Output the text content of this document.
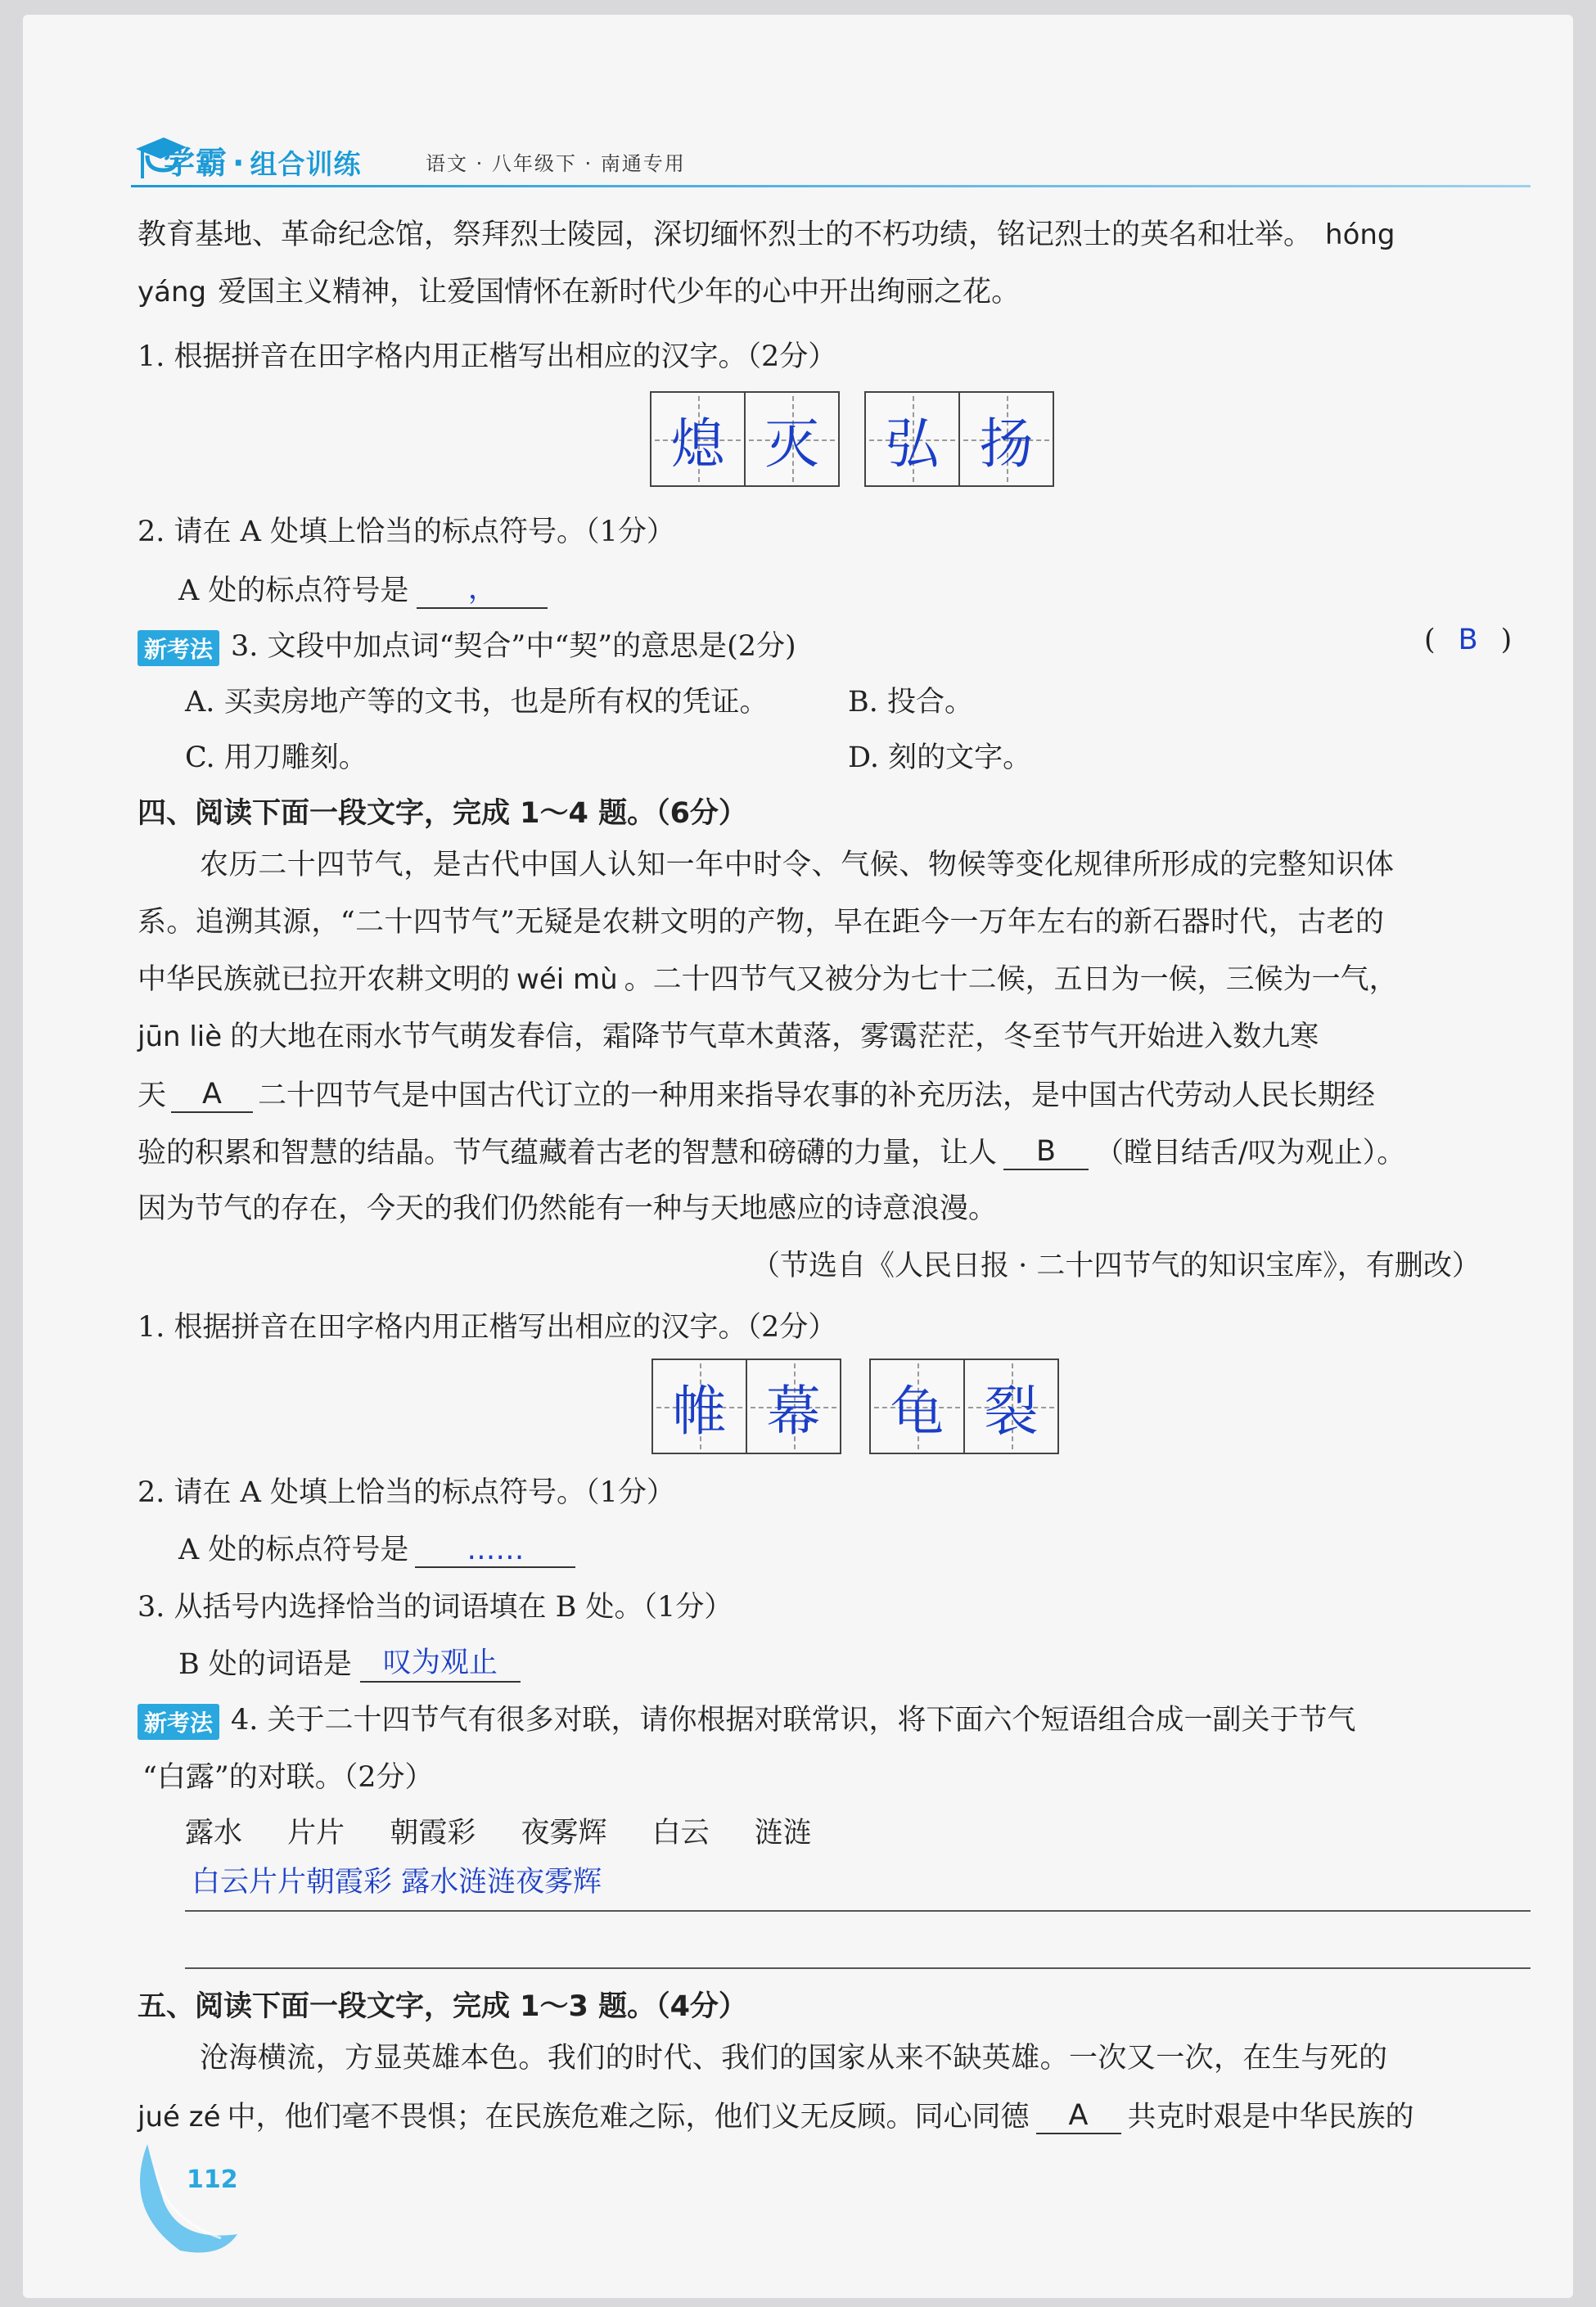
学霸 · 组合训练	语文 · 八年级下 · 南通专用
教育基地、革命纪念馆，祭拜烈士陵园，深切缅怀烈士的不朽功绩，铭记烈士的英名和壮举。 hóng
yáng 爱国主义精神，让爱国情怀在新时代少年的心中开出绚丽之花。
1. 根据拼音在田字格内用正楷写出相应的汉字。（2分）
熄 灭	弘 扬
2. 请在 A 处填上恰当的标点符号。（1分）
A 处的标点符号是 ，
新考法 3. 文段中加点词“契合”中“契”的意思是(2分)	( B )
A. 买卖房地产等的文书，也是所有权的凭证。	B. 投合。
C. 用刀雕刻。	D. 刻的文字。
四、阅读下面一段文字，完成 1～4 题。（6分）
农历二十四节气，是古代中国人认知一年中时令、气候、物候等变化规律所形成的完整知识体
系。追溯其源，“二十四节气”无疑是农耕文明的产物，早在距今一万年左右的新石器时代，古老的
中华民族就已拉开农耕文明的 wéi mù 。二十四节气又被分为七十二候，五日为一候，三候为一气，
jūn liè 的大地在雨水节气萌发春信，霜降节气草木黄落，雾霭茫茫，冬至节气开始进入数九寒
天 A 二十四节气是中国古代订立的一种用来指导农事的补充历法，是中国古代劳动人民长期经
验的积累和智慧的结晶。节气蕴藏着古老的智慧和磅礴的力量，让人 B （瞠目结舌/叹为观止）。
因为节气的存在，今天的我们仍然能有一种与天地感应的诗意浪漫。
（节选自《人民日报 · 二十四节气的知识宝库》，有删改）
1. 根据拼音在田字格内用正楷写出相应的汉字。（2分）
帷 幕	龟 裂
2. 请在 A 处填上恰当的标点符号。（1分）
A 处的标点符号是 ……
3. 从括号内选择恰当的词语填在 B 处。（1分）
B 处的词语是 叹为观止
新考法 4. 关于二十四节气有很多对联，请你根据对联常识，将下面六个短语组合成一副关于节气
“白露”的对联。（2分）
露水 片片 朝霞彩 夜雾辉 白云 涟涟
白云片片朝霞彩 露水涟涟夜雾辉
五、阅读下面一段文字，完成 1～3 题。（4分）
沧海横流，方显英雄本色。我们的时代、我们的国家从来不缺英雄。一次又一次，在生与死的
jué zé 中，他们毫不畏惧；在民族危难之际，他们义无反顾。同心同德 A 共克时艰是中华民族的
112
